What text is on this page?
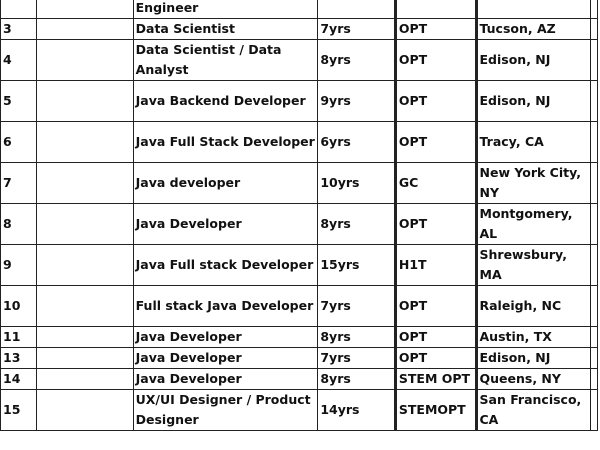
		Engineer				
3		Data Scientist	7yrs	OPT	Tucson, AZ	
4		Data Scientist / Data Analyst	8yrs	OPT	Edison, NJ	
5		Java Backend Developer	9yrs	OPT	Edison, NJ	
6		Java Full Stack Developer	6yrs	OPT	Tracy, CA	
7		Java developer	10yrs	GC	New York City, NY	
8		Java Developer	8yrs	OPT	Montgomery, AL	
9		Java Full stack Developer	15yrs	H1T	Shrewsbury, MA	
10		Full stack Java Developer	7yrs	OPT	Raleigh, NC	
11		Java Developer	8yrs	OPT	Austin, TX	
13		Java Developer	7yrs	OPT	Edison, NJ	
14		Java Developer	8yrs	STEM OPT	Queens, NY	
15		UX/UI Designer / Product Designer	14yrs	STEMOPT	San Francisco, CA	
